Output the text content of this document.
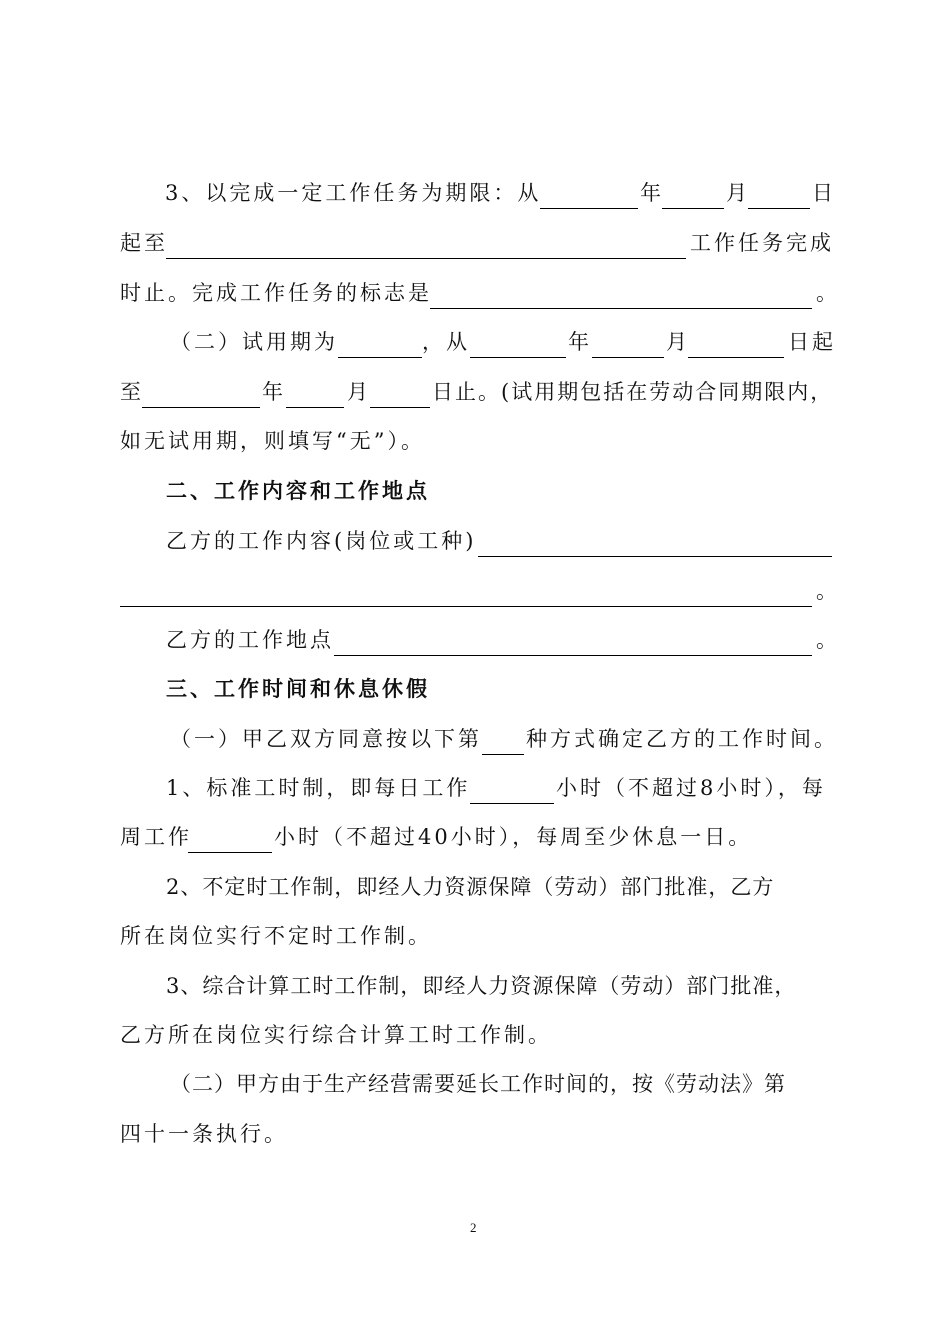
3、以完成一定工作任务为期限：从	年	月	日
起至	工作任务完成
时止。完成工作任务的标志是	。
（二）试用期为	，从	年	月	日起
至	年	月	日止。(试用期包括在劳动合同期限内，
如无试用期，则填写“无”）。
二、工作内容和工作地点
乙方的工作内容(岗位或工种)
。
乙方的工作地点	。
三、工作时间和休息休假
（一）甲乙双方同意按以下第 种方式确定乙方的工作时间。
1、标准工时制，即每日工作	小时（不超过8小时），每
周工作	小时（不超过40小时），每周至少休息一日。
2、不定时工作制，即经人力资源保障（劳动）部门批准，乙方
所在岗位实行不定时工作制。
3、综合计算工时工作制，即经人力资源保障（劳动）部门批准，
乙方所在岗位实行综合计算工时工作制。
（二）甲方由于生产经营需要延长工作时间的，按《劳动法》第
四十一条执行。
2
